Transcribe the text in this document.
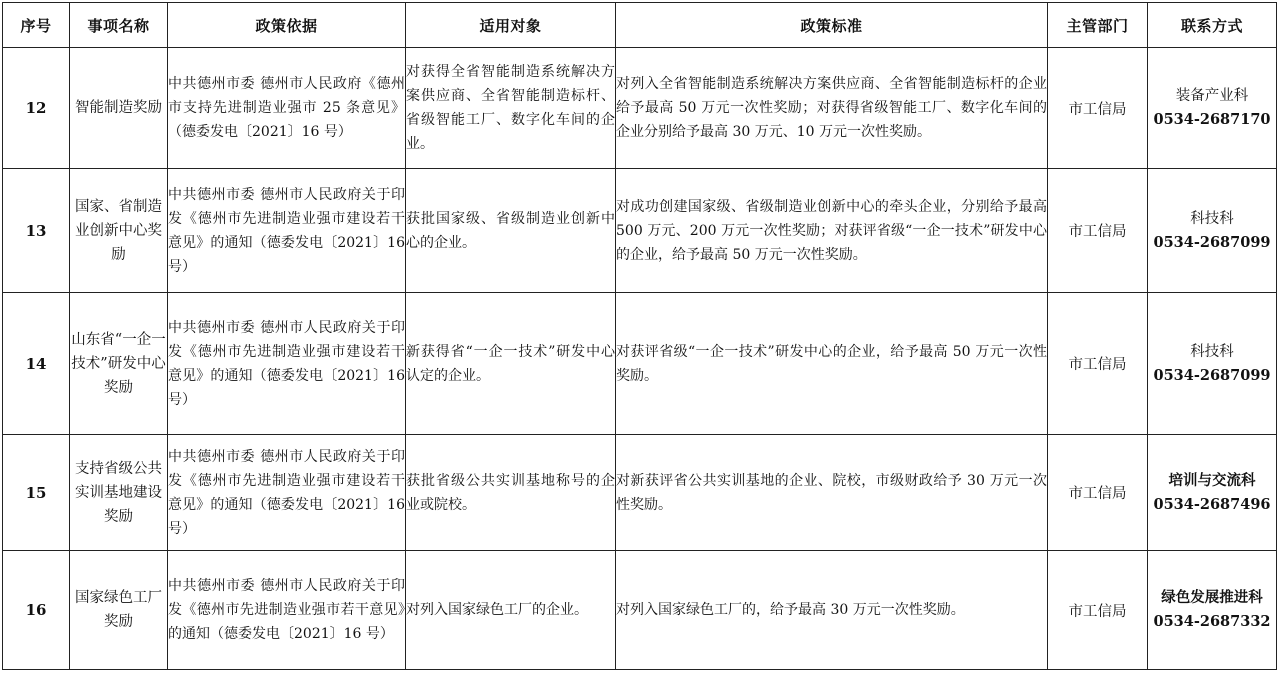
序号	事项名称	政策依据	适用对象	政策标准	主管部门	联系方式
12	智能制造奖励	中共德州市委 德州市人民政府《德州市支持先进制造业强市 25 条意见》（德委发电〔2021〕16 号）	对获得全省智能制造系统解决方案供应商、全省智能制造标杆、省级智能工厂、数字化车间的企业。	对列入全省智能制造系统解决方案供应商、全省智能制造标杆的企业给予最高 50 万元一次性奖励；对获得省级智能工厂、数字化车间的企业分别给予最高 30 万元、10 万元一次性奖励。	市工信局	装备产业科
0534-2687170

13	国家、省制造业创新中心奖励	中共德州市委 德州市人民政府关于印发《德州市先进制造业强市建设若干意见》的通知（德委发电〔2021〕16 号）	获批国家级、省级制造业创新中心的企业。	对成功创建国家级、省级制造业创新中心的牵头企业，分别给予最高 500 万元、200 万元一次性奖励；对获评省级“一企一技术”研发中心的企业，给予最高 50 万元一次性奖励。	市工信局	科技科
0534-2687099

14	山东省“一企一技术”研发中心奖励	中共德州市委 德州市人民政府关于印发《德州市先进制造业强市建设若干意见》的通知（德委发电〔2021〕16 号）	新获得省“一企一技术”研发中心认定的企业。	对获评省级“一企一技术”研发中心的企业，给予最高 50 万元一次性奖励。	市工信局	科技科
0534-2687099

15	支持省级公共实训基地建设奖励	中共德州市委 德州市人民政府关于印发《德州市先进制造业强市建设若干意见》的通知（德委发电〔2021〕16 号）	获批省级公共实训基地称号的企业或院校。	对新获评省公共实训基地的企业、院校，市级财政给予 30 万元一次性奖励。	市工信局	培训与交流科
0534-2687496

16	国家绿色工厂奖励	中共德州市委 德州市人民政府关于印发《德州市先进制造业强市若干意见》的通知（德委发电〔2021〕16 号）	对列入国家绿色工厂的企业。	对列入国家绿色工厂的，给予最高 30 万元一次性奖励。	市工信局	绿色发展推进科
0534-2687332
